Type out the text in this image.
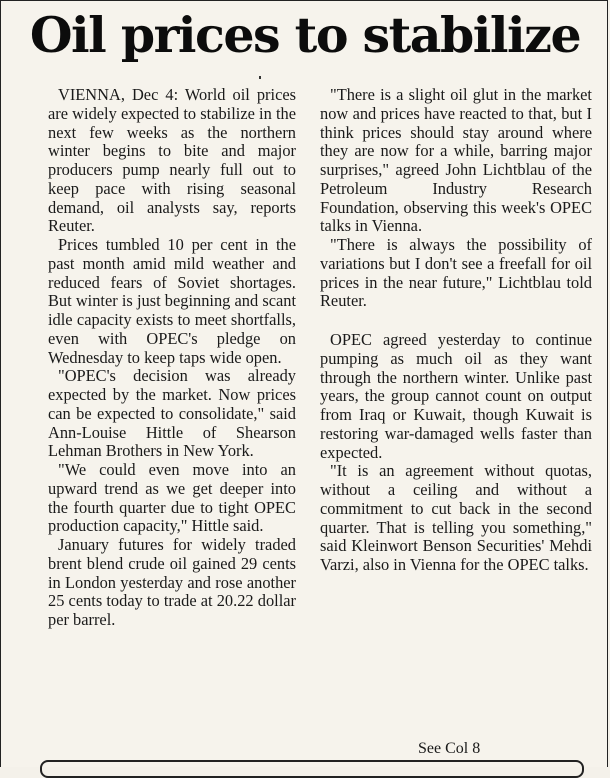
Oil prices to stabilize

VIENNA, Dec 4: World oil prices are widely expected to stabilize in the next few weeks as the northern winter begins to bite and major producers pump nearly full out to keep pace with rising seasonal demand, oil analysts say, reports Reuter.

Prices tumbled 10 per cent in the past month amid mild weather and reduced fears of Soviet shortages. But winter is just beginning and scant idle capacity exists to meet shortfalls, even with OPEC's pledge on Wednesday to keep taps wide open.

"OPEC's decision was already expected by the market. Now prices can be expected to consolidate," said Ann-Louise Hittle of Shearson Lehman Brothers in New York.

"We could even move into an upward trend as we get deeper into the fourth quarter due to tight OPEC production capacity," Hittle said.

January futures for widely traded brent blend crude oil gained 29 cents in London yesterday and rose another 25 cents today to trade at 20.22 dollar per barrel.

"There is a slight oil glut in the market now and prices have reacted to that, but I think prices should stay around where they are now for a while, barring major surprises," agreed John Lichtblau of the Petroleum Industry Research Foundation, observing this week's OPEC talks in Vienna.

"There is always the possibility of variations but I don't see a freefall for oil prices in the near future," Lichtblau told Reuter.

OPEC agreed yesterday to continue pumping as much oil as they want through the northern winter. Unlike past years, the group cannot count on output from Iraq or Kuwait, though Kuwait is restoring war-damaged wells faster than expected.

"It is an agreement without quotas, without a ceiling and without a commitment to cut back in the second quarter. That is telling you something," said Kleinwort Benson Securities' Mehdi Varzi, also in Vienna for the OPEC talks.

See Col 8
